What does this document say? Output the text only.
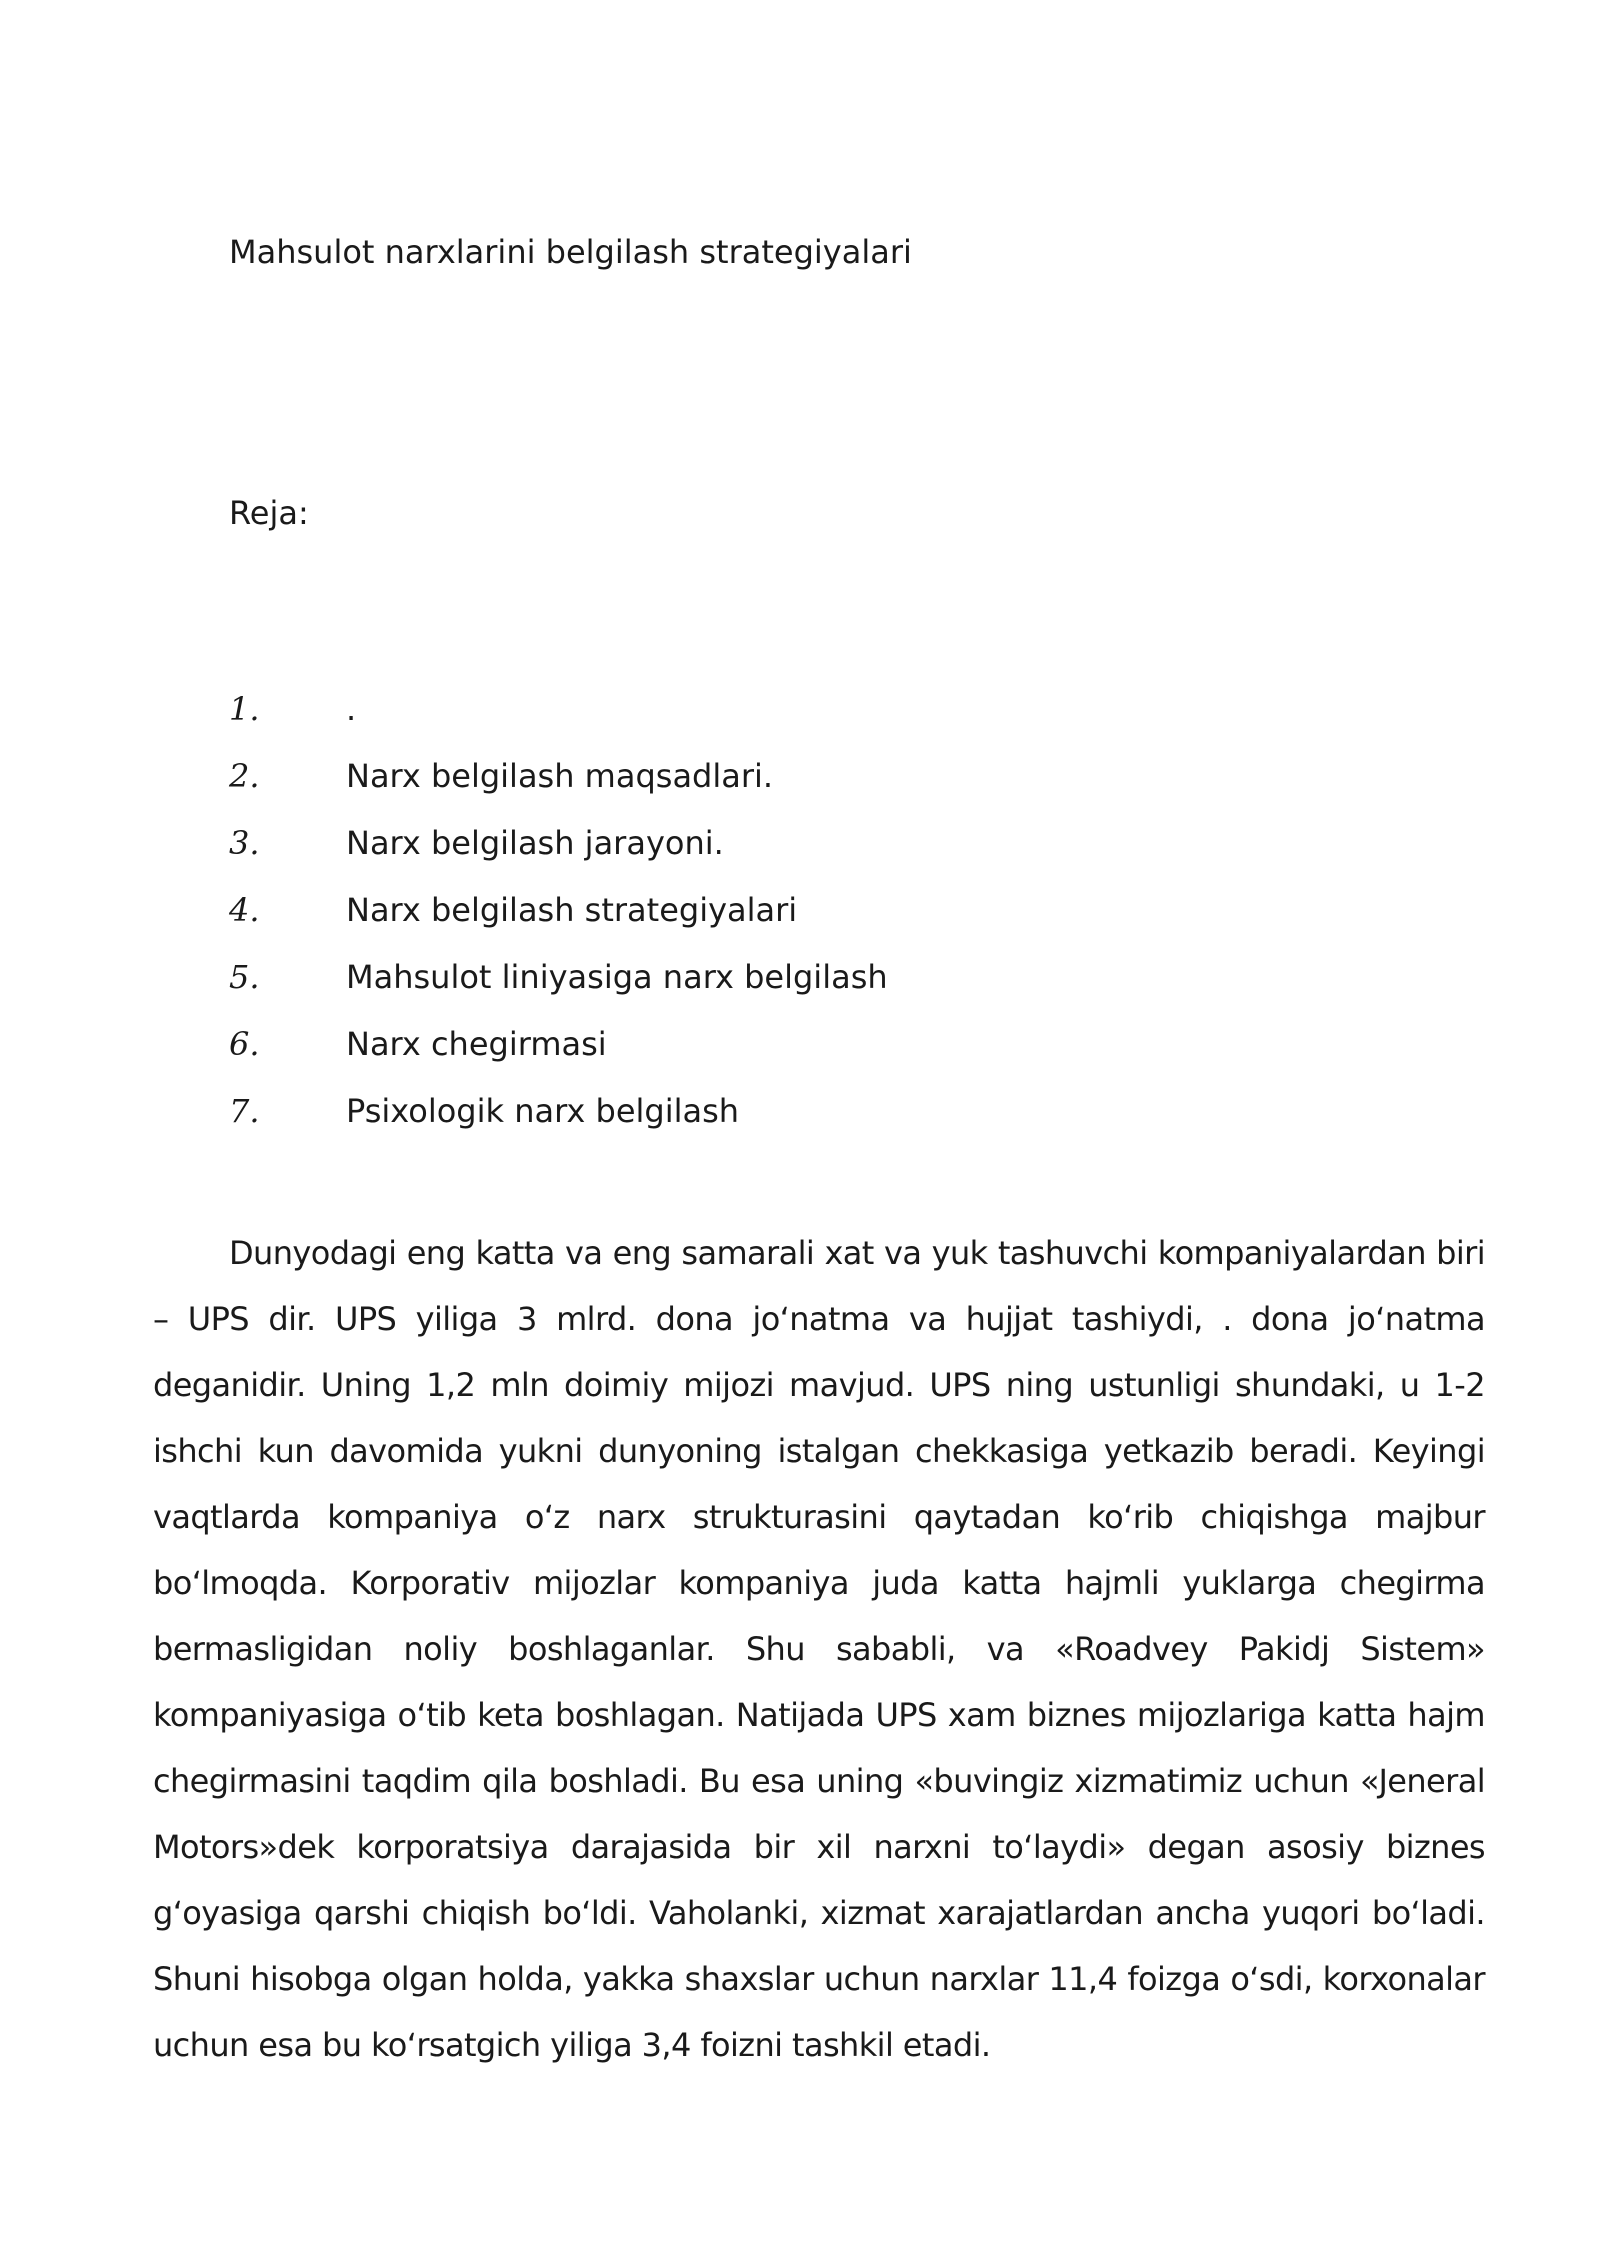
Mahsulot narxlarini belgilash strategiyalari
Reja:
1.	.
2.	Narx belgilash maqsadlari.
3.	Narx belgilash jarayoni.
4.	Narx belgilash strategiyalari
5.	Mahsulot liniyasiga narx belgilash
6.	Narx chegirmasi
7.	Psixologik narx belgilash

Dunyodagi eng katta va eng samarali xat va yuk tashuvchi kompaniyalardan biri – UPS dir. UPS yiliga 3 mlrd. dona joʻnatma va hujjat tashiydi, . dona joʻnatma deganidir. Uning 1,2 mln doimiy mijozi mavjud. UPS ning ustunligi shundaki, u 1-2 ishchi kun davomida yukni dunyoning istalgan chekkasiga yetkazib beradi. Keyingi vaqtlarda kompaniya oʻz narx strukturasini qaytadan koʻrib chiqishga majbur boʻlmoqda. Korporativ mijozlar kompaniya juda katta hajmli yuklarga chegirma bermasligidan noliy boshlaganlar. Shu sababli, va «Roadvey Pakidj Sistem» kompaniyasiga oʻtib keta boshlagan. Natijada UPS xam biznes mijozlariga katta hajm chegirmasini taqdim qila boshladi. Bu esa uning «buvingiz xizmatimiz uchun «Jeneral Motors»dek korporatsiya darajasida bir xil narxni toʻlaydi» degan asosiy biznes gʻoyasiga qarshi chiqish boʻldi. Vaholanki, xizmat xarajatlardan ancha yuqori boʻladi. Shuni hisobga olgan holda, yakka shaxslar uchun narxlar 11,4 foizga oʻsdi, korxonalar uchun esa bu koʻrsatgich yiliga 3,4 foizni tashkil etadi.
